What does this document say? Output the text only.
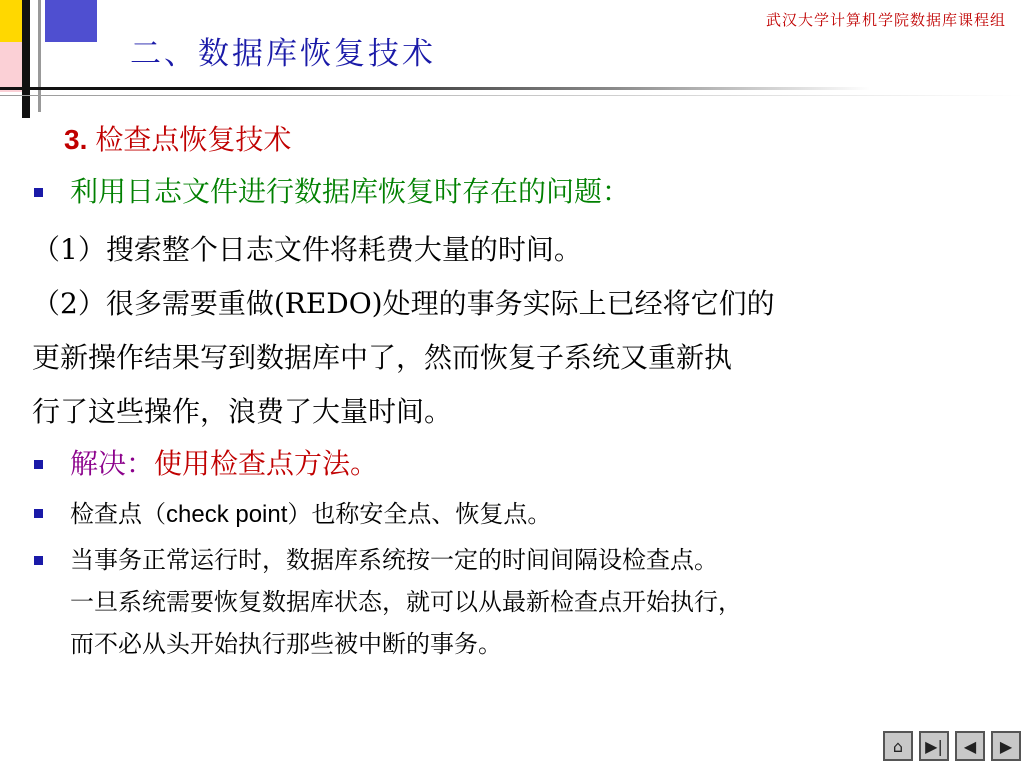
武汉大学计算机学院数据库课程组
二、数据库恢复技术
3. 检查点恢复技术
利用日志文件进行数据库恢复时存在的问题：
（1）搜索整个日志文件将耗费大量的时间。
（2）很多需要重做(REDO)处理的事务实际上已经将它们的
更新操作结果写到数据库中了，然而恢复子系统又重新执
行了这些操作，浪费了大量时间。
解决：使用检查点方法。
检查点（check point）也称安全点、恢复点。
当事务正常运行时，数据库系统按一定的时间间隔设检查点。
一旦系统需要恢复数据库状态，就可以从最新检查点开始执行，
而不必从头开始执行那些被中断的事务。
⌂	▶|	◀	▶
